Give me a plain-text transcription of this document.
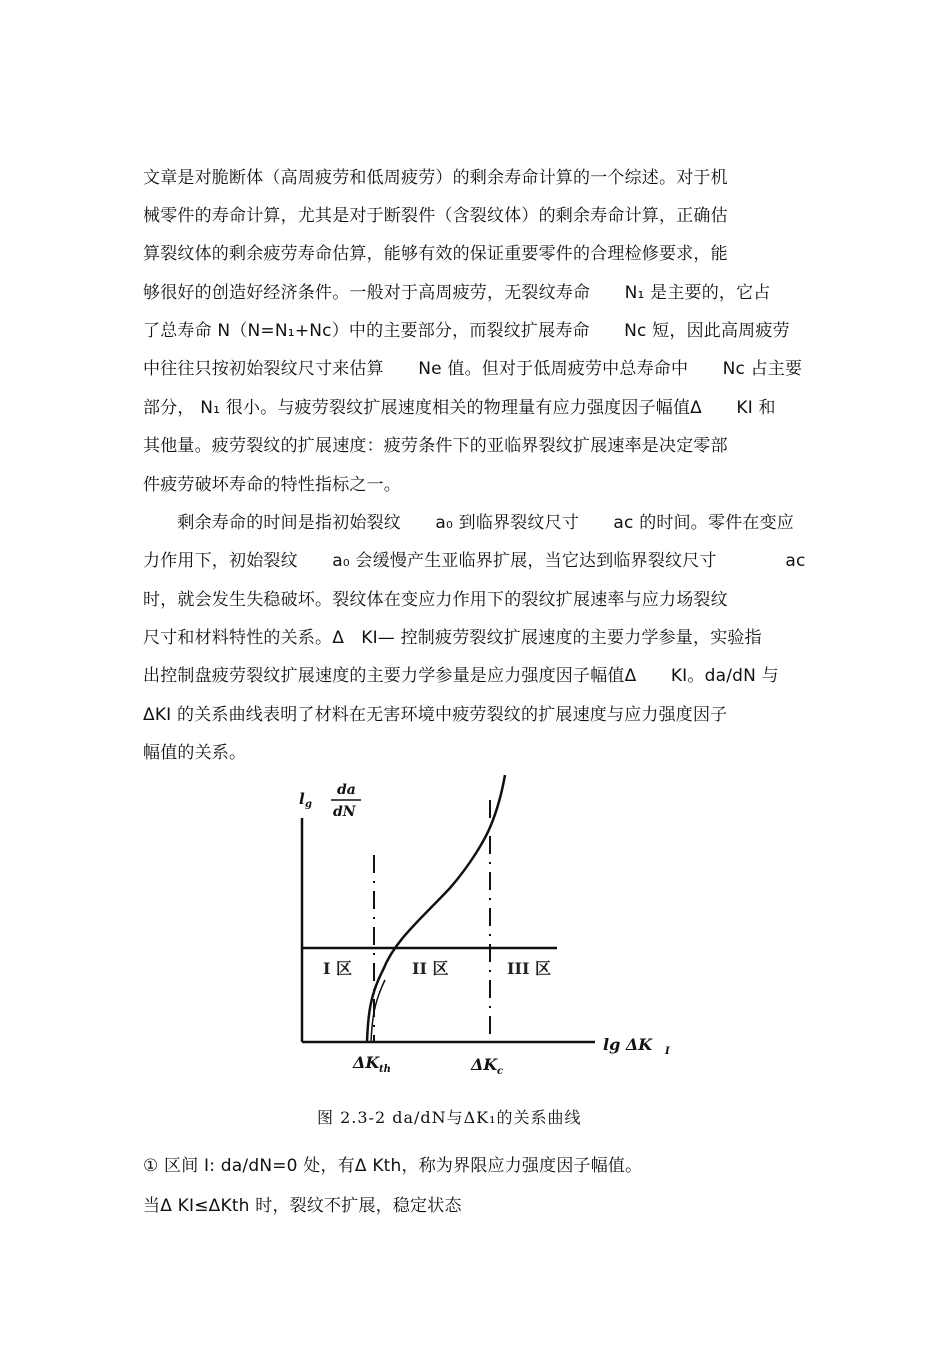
文章是对脆断体（高周疲劳和低周疲劳）的剩余寿命计算的一个综述。对于机
械零件的寿命计算，尤其是对于断裂件（含裂纹体）的剩余寿命计算，正确估
算裂纹体的剩余疲劳寿命估算，能够有效的保证重要零件的合理检修要求，能
够很好的创造好经济条件。一般对于高周疲劳，无裂纹寿命　　N₁ 是主要的，它占
了总寿命 N（N=N₁+Nc）中的主要部分，而裂纹扩展寿命　　Nc 短，因此高周疲劳
中往往只按初始裂纹尺寸来估算　　Ne 值。但对于低周疲劳中总寿命中　　Nc 占主要
部分， N₁ 很小。与疲劳裂纹扩展速度相关的物理量有应力强度因子幅值Δ　　KI 和
其他量。疲劳裂纹的扩展速度：疲劳条件下的亚临界裂纹扩展速率是决定零部
件疲劳破坏寿命的特性指标之一。
　　剩余寿命的时间是指初始裂纹　　a₀ 到临界裂纹尺寸　　ac 的时间。零件在变应
力作用下，初始裂纹　　a₀ 会缓慢产生亚临界扩展，当它达到临界裂纹尺寸　　　　ac
时，就会发生失稳破坏。裂纹体在变应力作用下的裂纹扩展速率与应力场裂纹
尺寸和材料特性的关系。Δ　KI— 控制疲劳裂纹扩展速度的主要力学参量，实验指
出控制盘疲劳裂纹扩展速度的主要力学参量是应力强度因子幅值Δ　　KI。da/dN 与
ΔKI 的关系曲线表明了材料在无害环境中疲劳裂纹的扩展速度与应力强度因子
幅值的关系。
l g
da
dN
I 区	II 区	III 区
lg ΔK I
ΔK th	ΔK c
图 2.3-2 da/dN与ΔK₁的关系曲线
① 区间 I: da/dN=0 处，有Δ Kth，称为界限应力强度因子幅值。
当Δ KI≤ΔKth 时，裂纹不扩展，稳定状态
